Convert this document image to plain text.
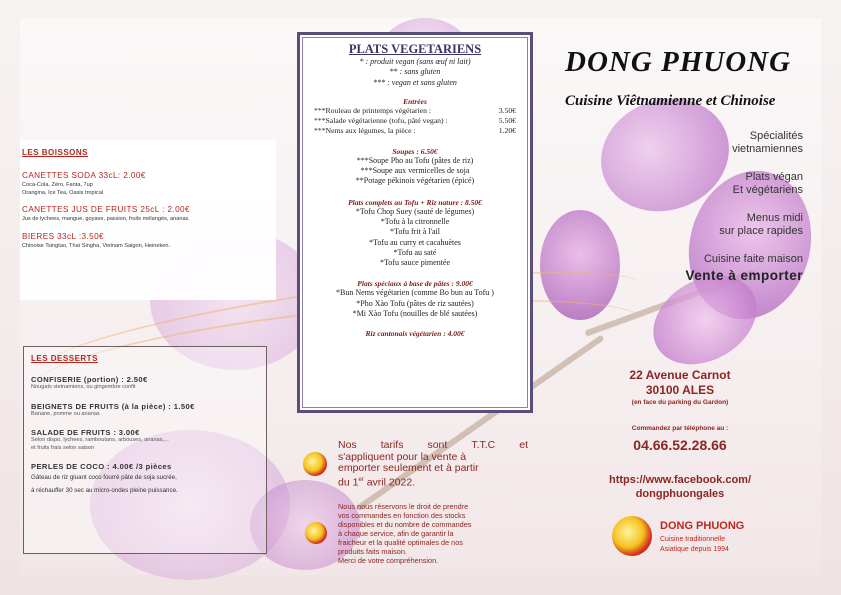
LES BOISSONS
CANETTES SODA 33cL: 2.00€
Coca-Cola, Zéro, Fanta, 7up
Orangina, Ice Tea, Oasis tropical
CANETTES JUS DE FRUITS 25cL : 2.00€
Jus de lychees, mangue, goyave, passion, fruits mélangés, ananas.
BIERES 33cL :3.50€
Chinoise Tsingtao, Thaï Singha, Vietnam Saigon, Heineken.
LES DESSERTS
CONFISERIE (portion) : 2.50€
Nougats vietnamiens, ou gingembre confit
BEIGNETS DE FRUITS (à la pièce) : 1.50€
Banane, pomme ou ananas
SALADE DE FRUITS : 3.00€
Selon dispo, lychees, ramboutans, arbouses, ananas,...
et fruits frais selon saison
PERLES DE COCO : 4.00€ /3 pièces
Gâteau de riz gluant coco fourré pâte de soja sucrée,
à réchauffer 30 sec au micro-ondes pleine puissance.
PLATS VEGETARIENS
* : produit vegan (sans œuf ni lait)
** : sans gluten
*** : vegan et sans gluten
Entrées
***Rouleau de printemps végétarien :	3.50€
***Salade végétarienne (tofu, pâté vegan) :	5.50€
***Nems aux légumes, la pièce :	1.20€
Soupes : 6.50€
***Soupe Pho au Tofu (pâtes de riz)
***Soupe aux vermicelles de soja
**Potage pékinois végétarien (épicé)
Plats complets au Tofu + Riz nature : 8.50€
*Tofu Chop Suey (sauté de légumes)
*Tofu à la citronnelle
*Tofu frit à l'ail
*Tofu au curry et cacahuètes
*Tofu au saté
*Tofu sauce pimentée
Plats spéciaux à base de pâtes : 9.00€
*Bun Nems végétarien (comme Bo bun au Tofu )
*Pho Xào Tofu (pâtes de riz sautées)
*Mi Xào Tofu (nouilles de blé sautées)
Riz cantonais végétarien : 4.00€
DONG PHUONG
Cuisine Viêtnamienne et Chinoise
Spécialités
vietnamiennes
Plats végan
Et végétariens
Menus midi
sur place rapides
Cuisine faite maison
Vente à emporter
22 Avenue Carnot
30100 ALES
(en face du parking du Gardon)
Commandez par téléphone au :
04.66.52.28.66
https://www.facebook.com/
dongphuongales
Nos tarifs sont T.T.C et
s'appliquent pour la vente à
emporter seulement et à partir
du 1er avril 2022.
Nous nous réservons le droit de prendre
vos commandes en fonction des stocks
disponibles et du nombre de commandes
à chaque service, afin de garantir la
fraicheur et la qualité optimales de nos
produits faits maison.
Merci de votre compréhension.
DONG PHUONG
Cuisine traditionnelle
Asiatique depuis 1994
